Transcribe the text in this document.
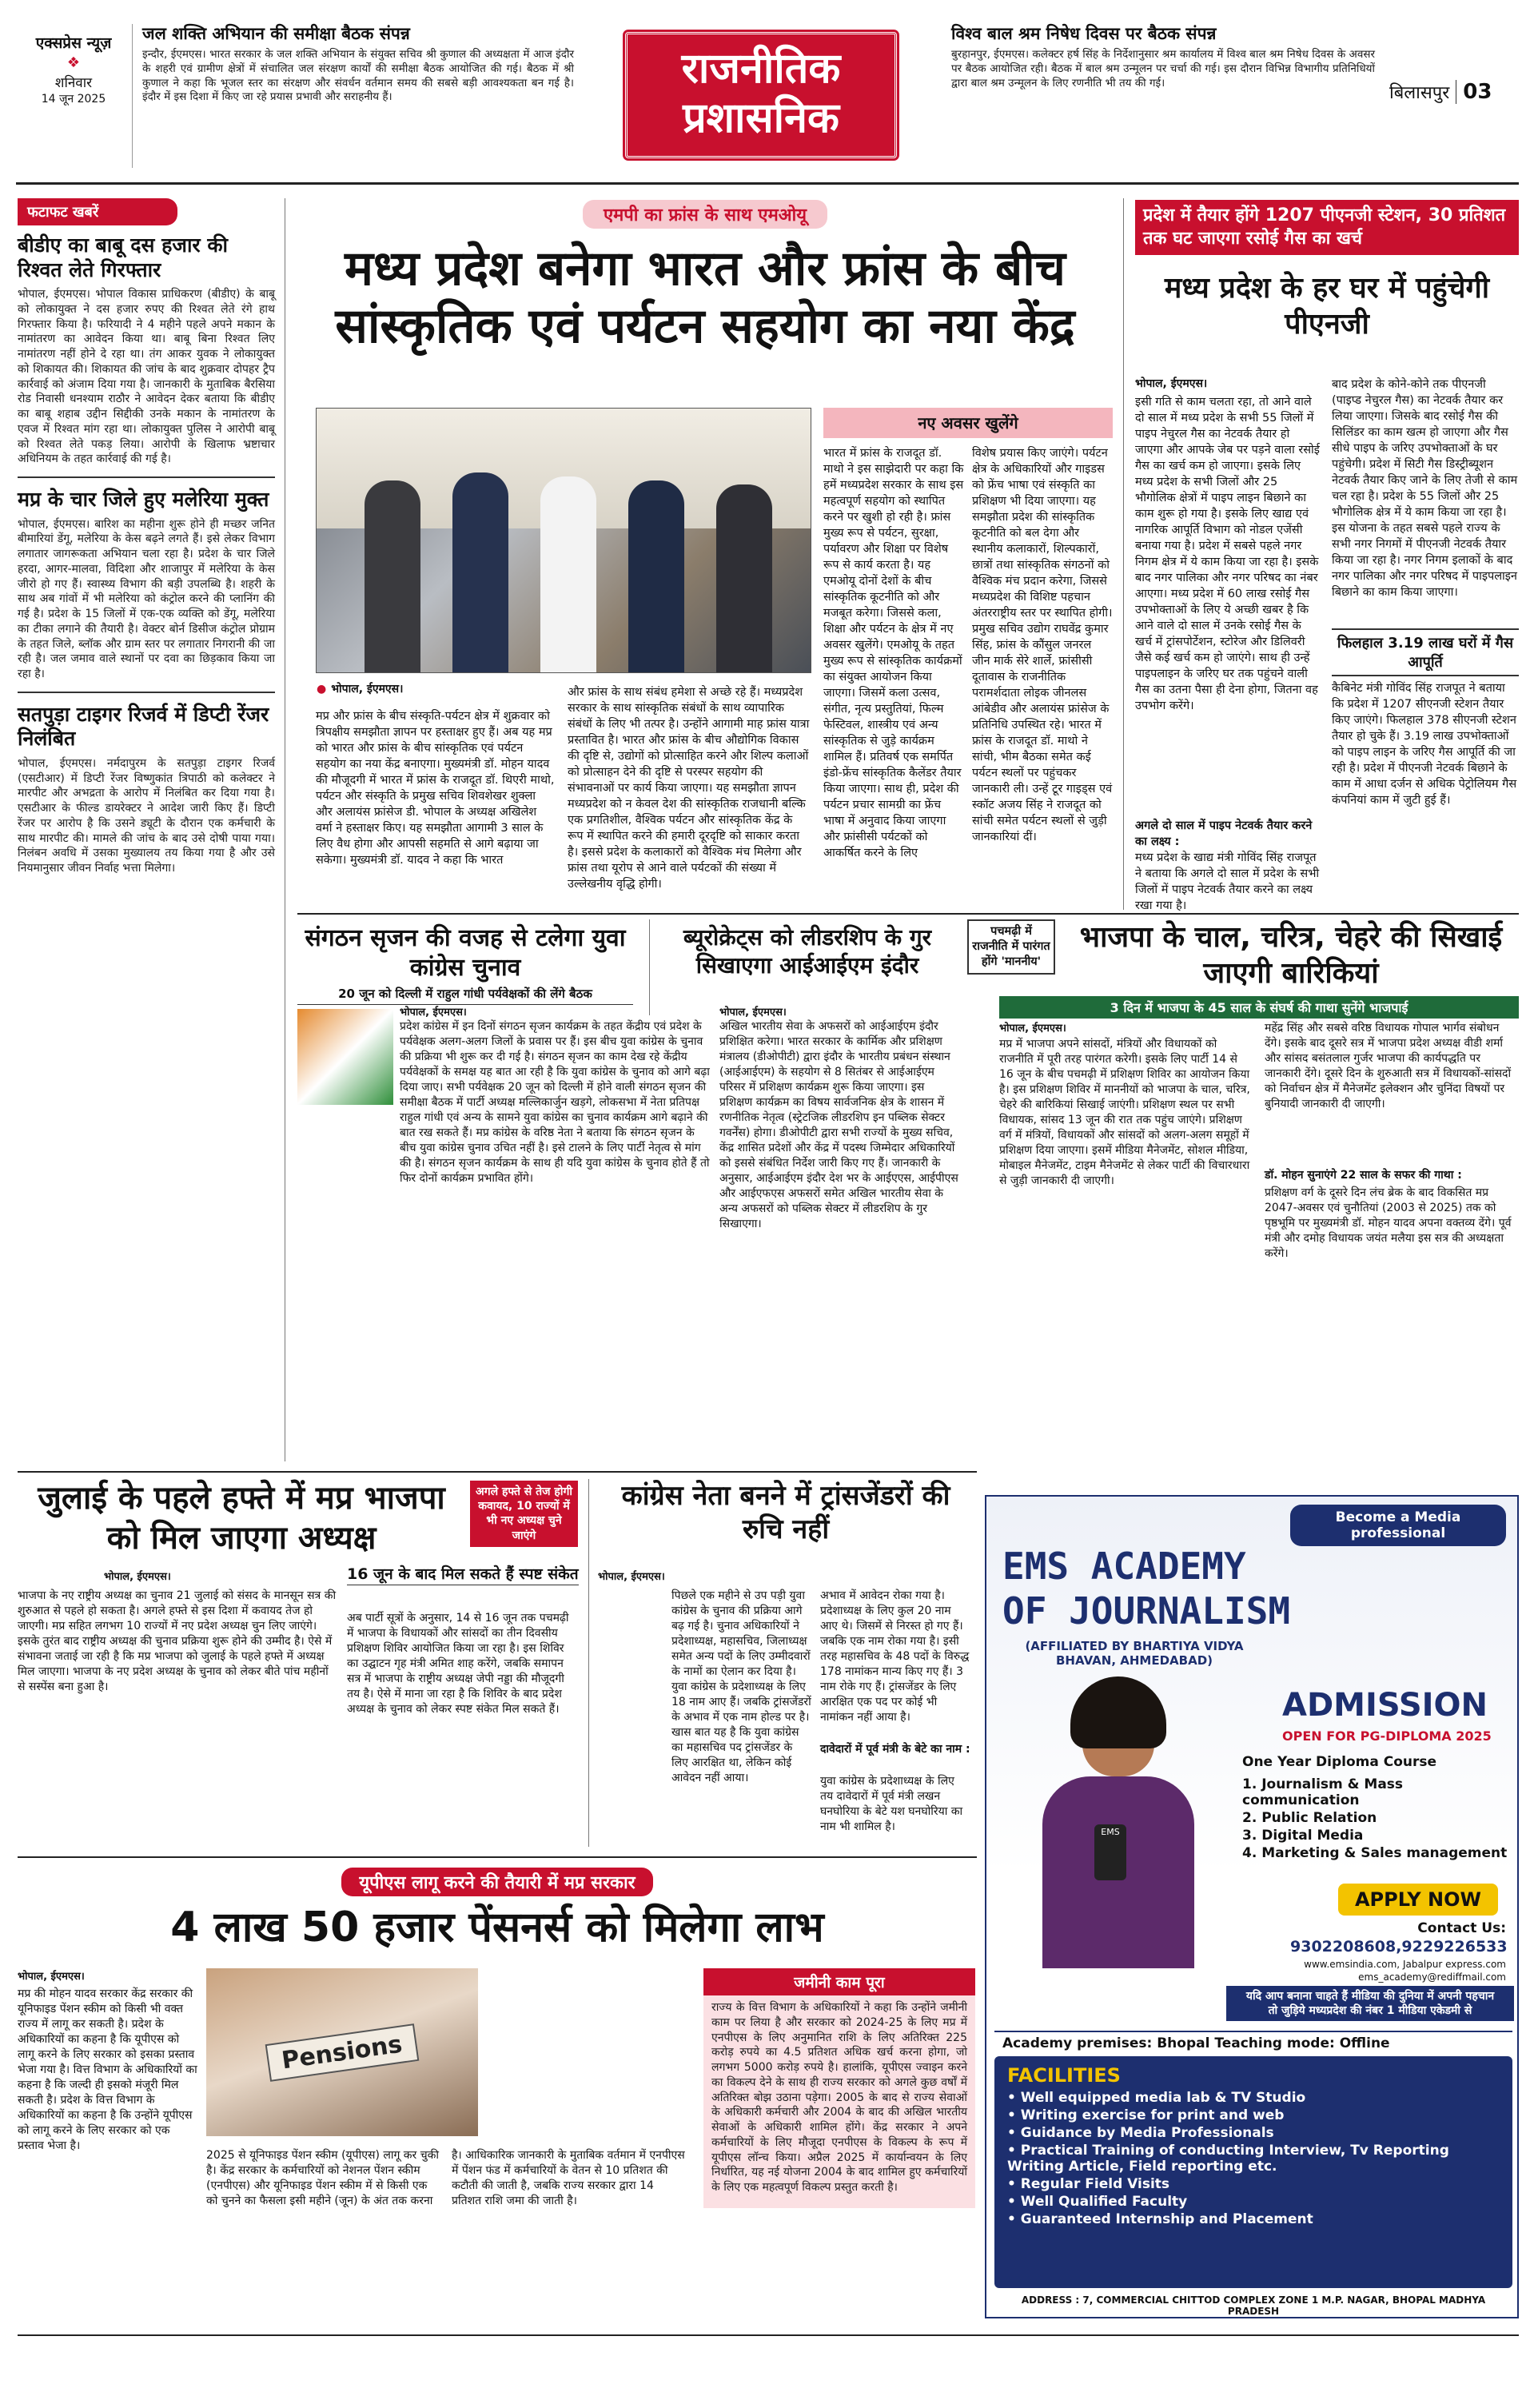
एक्सप्रेस न्यूज़
❖
शनिवार
14 जून 2025
जल शक्ति अभियान की समीक्षा बैठक संपन्न
इन्दौर, ईएमएस। भारत सरकार के जल शक्ति अभियान के संयुक्त सचिव श्री कुणाल की अध्यक्षता में आज इंदौर के शहरी एवं ग्रामीण क्षेत्रों में संचालित जल संरक्षण कार्यों की समीक्षा बैठक आयोजित की गई। बैठक में श्री कुणाल ने कहा कि भूजल स्तर का संरक्षण और संवर्धन वर्तमान समय की सबसे बड़ी आवश्यकता बन गई है। इंदौर में इस दिशा में किए जा रहे प्रयास प्रभावी और सराहनीय हैं।
राजनीतिक
प्रशासनिक
विश्व बाल श्रम निषेध दिवस पर बैठक संपन्न
बुरहानपुर, ईएमएस। कलेक्टर हर्ष सिंह के निर्देशानुसार श्रम कार्यालय में विश्व बाल श्रम निषेध दिवस के अवसर पर बैठक आयोजित रही। बैठक में बाल श्रम उन्मूलन पर चर्चा की गई। इस दौरान विभिन्न विभागीय प्रतिनिधियों द्वारा बाल श्रम उन्मूलन के लिए रणनीति भी तय की गई।
बिलासपुर 03
फटाफट खबरें
बीडीए का बाबू दस हजार की रिश्वत लेते गिरफ्तार
भोपाल, ईएमएस। भोपाल विकास प्राधिकरण (बीडीए) के बाबू को लोकायुक्त ने दस हजार रुपए की रिश्वत लेते रंगे हाथ गिरफ्तार किया है। फरियादी ने 4 महीने पहले अपने मकान के नामांतरण का आवेदन किया था। बाबू बिना रिश्वत लिए नामांतरण नहीं होने दे रहा था। तंग आकर युवक ने लोकायुक्त को शिकायत की। शिकायत की जांच के बाद शुक्रवार दोपहर ट्रैप कार्रवाई को अंजाम दिया गया है। जानकारी के मुताबिक बैरसिया रोड निवासी धनश्याम राठौर ने आवेदन देकर बताया कि बीडीए का बाबू शहाब उद्दीन सिद्दीकी उनके मकान के नामांतरण के एवज में रिश्वत मांग रहा था। लोकायुक्त पुलिस ने आरोपी बाबू को रिश्वत लेते पकड़ लिया। आरोपी के खिलाफ भ्रष्टाचार अधिनियम के तहत कार्रवाई की गई है।
मप्र के चार जिले हुए मलेरिया मुक्त
भोपाल, ईएमएस। बारिश का महीना शुरू होने ही मच्छर जनित बीमारियां डेंगू, मलेरिया के केस बढ़ने लगते हैं। इसे लेकर विभाग लगातार जागरूकता अभियान चला रहा है। प्रदेश के चार जिले हरदा, आगर-मालवा, विदिशा और शाजापुर में मलेरिया के केस जीरो हो गए हैं। स्वास्थ्य विभाग की बड़ी उपलब्धि है। शहरी के साथ अब गांवों में भी मलेरिया को कंट्रोल करने की प्लानिंग की गई है। प्रदेश के 15 जिलों में एक-एक व्यक्ति को डेंगू, मलेरिया का टीका लगाने की तैयारी है। वेक्टर बोर्न डिसीज कंट्रोल प्रोग्राम के तहत जिले, ब्लॉक और ग्राम स्तर पर लगातार निगरानी की जा रही है। जल जमाव वाले स्थानों पर दवा का छिड़काव किया जा रहा है।
सतपुड़ा टाइगर रिजर्व में डिप्टी रेंजर निलंबित
भोपाल, ईएमएस। नर्मदापुरम के सतपुड़ा टाइगर रिजर्व (एसटीआर) में डिप्टी रेंजर विष्णुकांत त्रिपाठी को कलेक्टर ने मारपीट और अभद्रता के आरोप में निलंबित कर दिया गया है। एसटीआर के फील्ड डायरेक्टर ने आदेश जारी किए हैं। डिप्टी रेंजर पर आरोप है कि उसने ड्यूटी के दौरान एक कर्मचारी के साथ मारपीट की। मामले की जांच के बाद उसे दोषी पाया गया। निलंबन अवधि में उसका मुख्यालय तय किया गया है और उसे नियमानुसार जीवन निर्वाह भत्ता मिलेगा।
एमपी का फ्रांस के साथ एमओयू
मध्य प्रदेश बनेगा भारत और फ्रांस के बीच सांस्कृतिक एवं पर्यटन सहयोग का नया केंद्र
● भोपाल, ईएमएस।
नए अवसर खुलेंगे
भारत में फ्रांस के राजदूत डॉ. माथो ने इस साझेदारी पर कहा कि हमें मध्यप्रदेश सरकार के साथ इस महत्वपूर्ण सहयोग को स्थापित करने पर खुशी हो रही है। फ्रांस मुख्य रूप से पर्यटन, सुरक्षा, पर्यावरण और शिक्षा पर विशेष रूप से कार्य करता है। यह एमओयू दोनों देशों के बीच सांस्कृतिक कूटनीति को और मजबूत करेगा। जिससे कला, शिक्षा और पर्यटन के क्षेत्र में नए अवसर खुलेंगे। एमओयू के तहत मुख्य रूप से सांस्कृतिक कार्यक्रमों का संयुक्त आयोजन किया जाएगा। जिसमें कला उत्सव, संगीत, नृत्य प्रस्तुतियां, फिल्म फेस्टिवल, शास्त्रीय एवं अन्य सांस्कृतिक से जुड़े कार्यक्रम शामिल हैं। प्रतिवर्ष एक समर्पित इंडो-फ्रेंच सांस्कृतिक कैलेंडर तैयार किया जाएगा। साथ ही, प्रदेश की पर्यटन प्रचार सामग्री का फ्रेंच भाषा में अनुवाद किया जाएगा और फ्रांसीसी पर्यटकों को आकर्षित करने के लिए
विशेष प्रयास किए जाएंगे। पर्यटन क्षेत्र के अधिकारियों और गाइडस को फ्रेंच भाषा एवं संस्कृति का प्रशिक्षण भी दिया जाएगा। यह समझौता प्रदेश की सांस्कृतिक कूटनीति को बल देगा और स्थानीय कलाकारों, शिल्पकारों, छात्रों तथा सांस्कृतिक संगठनों को वैश्विक मंच प्रदान करेगा, जिससे मध्यप्रदेश की विशिष्ट पहचान अंतरराष्ट्रीय स्तर पर स्थापित होगी। प्रमुख सचिव उद्योग राघवेंद्र कुमार सिंह, फ्रांस के कौंसुल जनरल जीन मार्क सेरे शार्ले, फ्रांसीसी दूतावास के राजनीतिक परामर्शदाता लोइक जीनलस आंबेडीव और अलायंस फ्रांसेज के प्रतिनिधि उपस्थित रहे। भारत में फ्रांस के राजदूत डॉ. माथो ने सांची, भीम बैठका समेत कई पर्यटन स्थलों पर पहुंचकर जानकारी ली। उन्हें टूर गाइड्स एवं स्कॉट अजय सिंह ने राजदूत को सांची समेत पर्यटन स्थलों से जुड़ी जानकारियां दीं।
मप्र और फ्रांस के बीच संस्कृति-पर्यटन क्षेत्र में शुक्रवार को त्रिपक्षीय समझौता ज्ञापन पर हस्ताक्षर हुए हैं। अब यह मप्र को भारत और फ्रांस के बीच सांस्कृतिक एवं पर्यटन सहयोग का नया केंद्र बनाएगा। मुख्यमंत्री डॉ. मोहन यादव की मौजूदगी में भारत में फ्रांस के राजदूत डॉ. थिएरी माथो, पर्यटन और संस्कृति के प्रमुख सचिव शिवशेखर शुक्ला और अलायंस फ्रांसेज डी. भोपाल के अध्यक्ष अखिलेश वर्मा ने हस्ताक्षर किए। यह समझौता आगामी 3 साल के लिए वैध होगा और आपसी सहमति से आगे बढ़ाया जा सकेगा। मुख्यमंत्री डॉ. यादव ने कहा कि भारत
और फ्रांस के साथ संबंध हमेशा से अच्छे रहे हैं। मध्यप्रदेश सरकार के साथ सांस्कृतिक संबंधों के साथ व्यापारिक संबंधों के लिए भी तत्पर है। उन्होंने आगामी माह फ्रांस यात्रा प्रस्तावित है। भारत और फ्रांस के बीच औद्योगिक विकास की दृष्टि से, उद्योगों को प्रोत्साहित करने और शिल्प कलाओं को प्रोत्साहन देने की दृष्टि से परस्पर सहयोग की संभावनाओं पर कार्य किया जाएगा। यह समझौता ज्ञापन मध्यप्रदेश को न केवल देश की सांस्कृतिक राजधानी बल्कि एक प्रगतिशील, वैश्विक पर्यटन और सांस्कृतिक केंद्र के रूप में स्थापित करने की हमारी दूरदृष्टि को साकार करता है। इससे प्रदेश के कलाकारों को वैश्विक मंच मिलेगा और फ्रांस तथा यूरोप से आने वाले पर्यटकों की संख्या में उल्लेखनीय वृद्धि होगी।
प्रदेश में तैयार होंगे 1207 पीएनजी स्टेशन, 30 प्रतिशत तक घट जाएगा रसोई गैस का खर्च
मध्य प्रदेश के हर घर में पहुंचेगी पीएनजी
भोपाल, ईएमएस।
इसी गति से काम चलता रहा, तो आने वाले दो साल में मध्य प्रदेश के सभी 55 जिलों में पाइप नेचुरल गैस का नेटवर्क तैयार हो जाएगा और आपके जेब पर पड़ने वाला रसोई गैस का खर्च कम हो जाएगा। इसके लिए मध्य प्रदेश के सभी जिलों और 25 भौगोलिक क्षेत्रों में पाइप लाइन बिछाने का काम शुरू हो गया है। इसके लिए खाद्य एवं नागरिक आपूर्ति विभाग को नोडल एजेंसी बनाया गया है। प्रदेश में सबसे पहले नगर निगम क्षेत्र में ये काम किया जा रहा है। इसके बाद नगर पालिका और नगर परिषद का नंबर आएगा। मध्य प्रदेश में 60 लाख रसोई गैस उपभोक्ताओं के लिए ये अच्छी खबर है कि आने वाले दो साल में उनके रसोई गैस के खर्च में ट्रांसपोर्टेशन, स्टोरेज और डिलिवरी जैसे कई खर्च कम हो जाएंगे। साथ ही उन्हें पाइपलाइन के जरिए घर तक पहुंचने वाली गैस का उतना पैसा ही देना होगा, जितना वह उपभोग करेंगे।
अगले दो साल में पाइप नेटवर्क तैयार करने का लक्ष्य :
मध्य प्रदेश के खाद्य मंत्री गोविंद सिंह राजपूत ने बताया कि अगले दो साल में प्रदेश के सभी जिलों में पाइप नेटवर्क तैयार करने का लक्ष्य रखा गया है।
बाद प्रदेश के कोने-कोने तक पीएनजी (पाइप्ड नेचुरल गैस) का नेटवर्क तैयार कर लिया जाएगा। जिसके बाद रसोई गैस की सिलिंडर का काम खत्म हो जाएगा और गैस सीधे पाइप के जरिए उपभोक्ताओं के घर पहुंचेगी। प्रदेश में सिटी गैस डिस्ट्रीब्यूशन नेटवर्क तैयार किए जाने के लिए तेजी से काम चल रहा है। प्रदेश के 55 जिलों और 25 भौगोलिक क्षेत्र में ये काम किया जा रहा है। इस योजना के तहत सबसे पहले राज्य के सभी नगर निगमों में पीएनजी नेटवर्क तैयार किया जा रहा है। नगर निगम इलाकों के बाद नगर पालिका और नगर परिषद में पाइपलाइन बिछाने का काम किया जाएगा।
फिलहाल 3.19 लाख घरों में गैस आपूर्ति
कैबिनेट मंत्री गोविंद सिंह राजपूत ने बताया कि प्रदेश में 1207 सीएनजी स्टेशन तैयार किए जाएंगे। फिलहाल 378 सीएनजी स्टेशन तैयार हो चुके हैं। 3.19 लाख उपभोक्ताओं को पाइप लाइन के जरिए गैस आपूर्ति की जा रही है। प्रदेश में पीएनजी नेटवर्क बिछाने के काम में आधा दर्जन से अधिक पेट्रोलियम गैस कंपनियां काम में जुटी हुई हैं।
संगठन सृजन की वजह से टलेगा युवा कांग्रेस चुनाव
20 जून को दिल्ली में राहुल गांधी पर्यवेक्षकों की लेंगे बैठक
भोपाल, ईएमएस।
प्रदेश कांग्रेस में इन दिनों संगठन सृजन कार्यक्रम के तहत केंद्रीय एवं प्रदेश के पर्यवेक्षक अलग-अलग जिलों के प्रवास पर हैं। इस बीच युवा कांग्रेस के चुनाव की प्रक्रिया भी शुरू कर दी गई है। संगठन सृजन का काम देख रहे केंद्रीय पर्यवेक्षकों के समक्ष यह बात आ रही है कि युवा कांग्रेस के चुनाव को आगे बढ़ा दिया जाए। सभी पर्यवेक्षक 20 जून को दिल्ली में होने वाली संगठन सृजन की समीक्षा बैठक में पार्टी अध्यक्ष मल्लिकार्जुन खड़गे, लोकसभा में नेता प्रतिपक्ष राहुल गांधी एवं अन्य के सामने युवा कांग्रेस का चुनाव कार्यक्रम आगे बढ़ाने की बात रख सकते हैं। मप्र कांग्रेस के वरिष्ठ नेता ने बताया कि संगठन सृजन के बीच युवा कांग्रेस चुनाव उचित नहीं है। इसे टालने के लिए पार्टी नेतृत्व से मांग की है। संगठन सृजन कार्यक्रम के साथ ही यदि युवा कांग्रेस के चुनाव होते हैं तो फिर दोनों कार्यक्रम प्रभावित होंगे।
ब्यूरोक्रेट्स को लीडरशिप के गुर सिखाएगा आईआईएम इंदौर
भोपाल, ईएमएस।
अखिल भारतीय सेवा के अफसरों को आईआईएम इंदौर प्रशिक्षित करेगा। भारत सरकार के कार्मिक और प्रशिक्षण मंत्रालय (डीओपीटी) द्वारा इंदौर के भारतीय प्रबंधन संस्थान (आईआईएम) के सहयोग से 8 सितंबर से आईआईएम परिसर में प्रशिक्षण कार्यक्रम शुरू किया जाएगा। इस प्रशिक्षण कार्यक्रम का विषय सार्वजनिक क्षेत्र के शासन में रणनीतिक नेतृत्व (स्ट्रेटजिक लीडरशिप इन पब्लिक सेक्टर गवर्नेंस) होगा। डीओपीटी द्वारा सभी राज्यों के मुख्य सचिव, केंद्र शासित प्रदेशों और केंद्र में पदस्थ जिम्मेदार अधिकारियों को इससे संबंधित निर्देश जारी किए गए हैं। जानकारी के अनुसार, आईआईएम इंदौर देश भर के आईएएस, आईपीएस और आईएफएस अफसरों समेत अखिल भारतीय सेवा के अन्य अफसरों को पब्लिक सेक्टर में लीडरशिप के गुर सिखाएगा।
पचमढ़ी में राजनीति में पारंगत होंगे 'माननीय'
भाजपा के चाल, चरित्र, चेहरे की सिखाई जाएगी बारिकियां
3 दिन में भाजपा के 45 साल के संघर्ष की गाथा सुनेंगे भाजपाई
भोपाल, ईएमएस।
मप्र में भाजपा अपने सांसदों, मंत्रियों और विधायकों को राजनीति में पूरी तरह पारंगत करेगी। इसके लिए पार्टी 14 से 16 जून के बीच पचमढ़ी में प्रशिक्षण शिविर का आयोजन किया है। इस प्रशिक्षण शिविर में माननीयों को भाजपा के चाल, चरित्र, चेहरे की बारिकियां सिखाई जाएंगी। प्रशिक्षण स्थल पर सभी विधायक, सांसद 13 जून की रात तक पहुंच जाएंगे। प्रशिक्षण वर्ग में मंत्रियों, विधायकों और सांसदों को अलग-अलग समूहों में प्रशिक्षण दिया जाएगा। इसमें मीडिया मैनेजमेंट, सोशल मीडिया, मोबाइल मैनेजमेंट, टाइम मैनेजमेंट से लेकर पार्टी की विचारधारा से जुड़ी जानकारी दी जाएगी।
महेंद्र सिंह और सबसे वरिष्ठ विधायक गोपाल भार्गव संबोधन देंगे। इसके बाद दूसरे सत्र में भाजपा प्रदेश अध्यक्ष वीडी शर्मा और सांसद बसंतलाल गुर्जर भाजपा की कार्यपद्धति पर जानकारी देंगे। दूसरे दिन के शुरुआती सत्र में विधायकों-सांसदों को निर्वाचन क्षेत्र में मैनेजमेंट इलेक्शन और चुनिंदा विषयों पर बुनियादी जानकारी दी जाएगी।
डॉ. मोहन सुनाएंगे 22 साल के सफर की गाथा :
प्रशिक्षण वर्ग के दूसरे दिन लंच ब्रेक के बाद विकसित मप्र 2047-अवसर एवं चुनौतियां (2003 से 2025) तक को पृष्ठभूमि पर मुख्यमंत्री डॉ. मोहन यादव अपना वक्तव्य देंगे। पूर्व मंत्री और दमोह विधायक जयंत मलैया इस सत्र की अध्यक्षता करेंगे।
जुलाई के पहले हफ्ते में मप्र भाजपा को मिल जाएगा अध्यक्ष
अगले हफ्ते से तेज होगी कवायद, 10 राज्यों में भी नए अध्यक्ष चुने जाएंगे
भोपाल, ईएमएस।
भाजपा के नए राष्ट्रीय अध्यक्ष का चुनाव 21 जुलाई को संसद के मानसून सत्र की शुरुआत से पहले हो सकता है। अगले हफ्ते से इस दिशा में कवायद तेज हो जाएगी। मप्र सहित लगभग 10 राज्यों में नए प्रदेश अध्यक्ष चुन लिए जाएंगे। इसके तुरंत बाद राष्ट्रीय अध्यक्ष की चुनाव प्रक्रिया शुरू होने की उम्मीद है। ऐसे में संभावना जताई जा रही है कि मप्र भाजपा को जुलाई के पहले हफ्ते में अध्यक्ष मिल जाएगा। भाजपा के नए प्रदेश अध्यक्ष के चुनाव को लेकर बीते पांच महीनों से सस्पेंस बना हुआ है।
16 जून के बाद मिल सकते हैं स्पष्ट संकेत
अब पार्टी सूत्रों के अनुसार, 14 से 16 जून तक पचमढ़ी में भाजपा के विधायकों और सांसदों का तीन दिवसीय प्रशिक्षण शिविर आयोजित किया जा रहा है। इस शिविर का उद्घाटन गृह मंत्री अमित शाह करेंगे, जबकि समापन सत्र में भाजपा के राष्ट्रीय अध्यक्ष जेपी नड्डा की मौजूदगी तय है। ऐसे में माना जा रहा है कि शिविर के बाद प्रदेश अध्यक्ष के चुनाव को लेकर स्पष्ट संकेत मिल सकते हैं।
कांग्रेस नेता बनने में ट्रांसजेंडरों की रुचि नहीं
भोपाल, ईएमएस।
पिछले एक महीने से उप पड़ी युवा कांग्रेस के चुनाव की प्रक्रिया आगे बढ़ गई है। चुनाव अधिकारियों ने प्रदेशाध्यक्ष, महासचिव, जिलाध्यक्ष समेत अन्य पदों के लिए उम्मीदवारों के नामों का ऐलान कर दिया है। युवा कांग्रेस के प्रदेशाध्यक्ष के लिए 18 नाम आए हैं। जबकि ट्रांसजेंडरों के अभाव में एक नाम होल्ड पर है। खास बात यह है कि युवा कांग्रेस का महासचिव पद ट्रांसजेंडर के लिए आरक्षित था, लेकिन कोई आवेदन नहीं आया।
अभाव में आवेदन रोका गया है। प्रदेशाध्यक्ष के लिए कुल 20 नाम आए थे। जिसमें से निरस्त हो गए हैं। जबकि एक नाम रोका गया है। इसी तरह महासचिव के 48 पदों के विरुद्ध 178 नामांकन मान्य किए गए हैं। 3 नाम रोके गए हैं। ट्रांसजेंडर के लिए आरक्षित एक पद पर कोई भी नामांकन नहीं आया है।
दावेदारों में पूर्व मंत्री के बेटे का नाम :
युवा कांग्रेस के प्रदेशाध्यक्ष के लिए तय दावेदारों में पूर्व मंत्री लखन घनघोरिया के बेटे यश घनघोरिया का नाम भी शामिल है।
यूपीएस लागू करने की तैयारी में मप्र सरकार
4 लाख 50 हजार पेंसनर्स को मिलेगा लाभ
भोपाल, ईएमएस।
मप्र की मोहन यादव सरकार केंद्र सरकार की यूनिफाइड पेंशन स्कीम को किसी भी वक्त राज्य में लागू कर सकती है। प्रदेश के अधिकारियों का कहना है कि यूपीएस को लागू करने के लिए सरकार को इसका प्रस्ताव भेजा गया है। वित्त विभाग के अधिकारियों का कहना है कि जल्दी ही इसको मंजूरी मिल सकती है। प्रदेश के वित्त विभाग के अधिकारियों का कहना है कि उन्होंने यूपीएस को लागू करने के लिए सरकार को एक प्रस्ताव भेजा है।
Pensions
2025 से यूनिफाइड पेंशन स्कीम (यूपीएस) लागू कर चुकी है। केंद्र सरकार के कर्मचारियों को नेशनल पेंशन स्कीम (एनपीएस) और यूनिफाइड पेंशन स्कीम में से किसी एक को चुनने का फैसला इसी महीने (जून) के अंत तक करना है। आधिकारिक जानकारी के मुताबिक वर्तमान में एनपीएस में पेंशन फंड में कर्मचारियों के वेतन से 10 प्रतिशत की कटौती की जाती है, जबकि राज्य सरकार द्वारा 14 प्रतिशत राशि जमा की जाती है।
जमीनी काम पूरा
राज्य के वित्त विभाग के अधिकारियों ने कहा कि उन्होंने जमीनी काम पर लिया है और सरकार को 2024-25 के लिए मप्र में एनपीएस के लिए अनुमानित राशि के लिए अतिरिक्त 225 करोड़ रुपये का 4.5 प्रतिशत अधिक खर्च करना होगा, जो लगभग 5000 करोड़ रुपये है। हालांकि, यूपीएस ज्वाइन करने का विकल्प देने के साथ ही राज्य सरकार को अगले कुछ वर्षों में अतिरिक्त बोझ उठाना पड़ेगा। 2005 के बाद से राज्य सेवाओं के अधिकारी कर्मचारी और 2004 के बाद की अखिल भारतीय सेवाओं के अधिकारी शामिल होंगे। केंद्र सरकार ने अपने कर्मचारियों के लिए मौजूदा एनपीएस के विकल्प के रूप में यूपीएस लॉन्च किया। अप्रैल 2025 में कार्यान्वयन के लिए निर्धारित, यह नई योजना 2004 के बाद शामिल हुए कर्मचारियों के लिए एक महत्वपूर्ण विकल्प प्रस्तुत करती है।
Become a Media professional
EMS ACADEMY
OF JOURNALISM
(AFFILIATED BY BHARTIYA VIDYA BHAVAN, AHMEDABAD)
ADMISSION
OPEN FOR PG-DIPLOMA 2025
One Year Diploma Course
1. Journalism & Mass communication
2. Public Relation
3. Digital Media
4. Marketing & Sales management
EMS
APPLY NOW
Contact Us:
9302208608,9229226533
www.emsindia.com, Jabalpur express.com
ems_academy@rediffmail.com
यदि आप बनाना चाहते हैं मीडिया की दुनिया में अपनी पहचान
तो जुड़िये मध्यप्रदेश की नंबर 1 मीडिया एकेडमी से
Academy premises: Bhopal Teaching mode: Offline
FACILITIES
• Well equipped media lab & TV Studio
• Writing exercise for print and web
• Guidance by Media Professionals
• Practical Training of conducting Interview, Tv Reporting Writing Article, Field reporting etc.
• Regular Field Visits
• Well Qualified Faculty
• Guaranteed Internship and Placement
ADDRESS : 7, COMMERCIAL CHITTOD COMPLEX ZONE 1 M.P. NAGAR, BHOPAL MADHYA PRADESH
